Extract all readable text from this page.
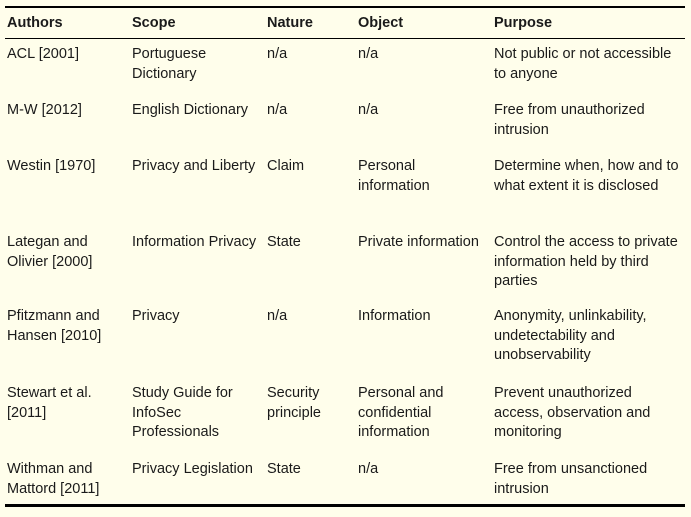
Authors	Scope	Nature	Object	Purpose
ACL [2001]	Portuguese Dictionary	n/a	n/a	Not public or not accessible to anyone
M-W [2012]	English Dictionary	n/a	n/a	Free from unauthorized intrusion
Westin [1970]	Privacy and Liberty	Claim	Personal information	Determine when, how and to what extent it is disclosed
Lategan and Olivier [2000]	Information Privacy	State	Private information	Control the access to private information held by third parties
Pfitzmann and Hansen [2010]	Privacy	n/a	Information	Anonymity, unlinkability, undetectability and unobservability
Stewart et al. [2011]	Study Guide for InfoSec Professionals	Security principle	Personal and confidential information	Prevent unauthorized access, observation and monitoring
Withman and Mattord [2011]	Privacy Legislation	State	n/a	Free from unsanctioned intrusion
